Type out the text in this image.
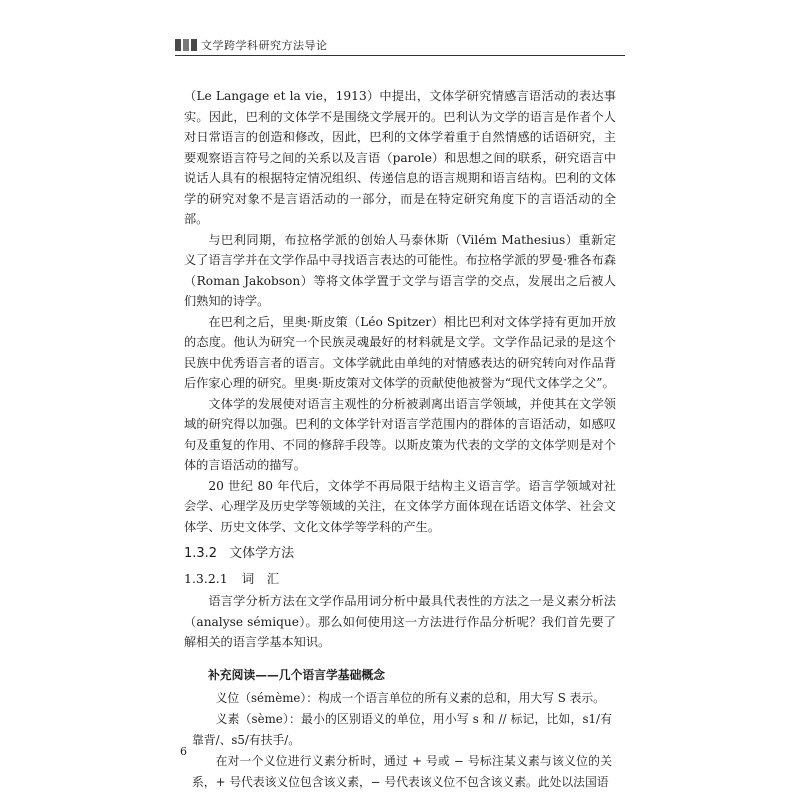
文学跨学科研究方法导论

（Le Langage et la vie，1913）中提出，文体学研究情感言语活动的表达事实。因此，巴利的文体学不是围绕文学展开的。巴利认为文学的语言是作者个人对日常语言的创造和修改，因此，巴利的文体学着重于自然情感的话语研究，主要观察语言符号之间的关系以及言语（parole）和思想之间的联系，研究语言中说话人具有的根据特定情况组织、传递信息的语言规期和语言结构。巴利的文体学的研究对象不是言语活动的一部分，而是在特定研究角度下的言语活动的全部。

与巴利同期，布拉格学派的创始人马泰休斯（Vilém Mathesius）重新定义了语言学并在文学作品中寻找语言表达的可能性。布拉格学派的罗曼·雅各布森（Roman Jakobson）等将文体学置于文学与语言学的交点，发展出之后被人们熟知的诗学。

在巴利之后，里奥·斯皮策（Léo Spitzer）相比巴利对文体学持有更加开放的态度。他认为研究一个民族灵魂最好的材料就是文学。文学作品记录的是这个民族中优秀语言者的语言。文体学就此由单纯的对情感表达的研究转向对作品背后作家心理的研究。里奥·斯皮策对文体学的贡献使他被誉为“现代文体学之父”。

文体学的发展使对语言主观性的分析被剥离出语言学领域，并使其在文学领域的研究得以加强。巴利的文体学针对语言学范围内的群体的言语活动，如感叹句及重复的作用、不同的修辞手段等。以斯皮策为代表的文学的文体学则是对个体的言语活动的描写。

20 世纪 80 年代后，文体学不再局限于结构主义语言学。语言学领域对社会学、心理学及历史学等领域的关注，在文体学方面体现在话语文体学、社会文体学、历史文体学、文化文体学等学科的产生。

1.3.2 文体学方法
1.3.2.1 词　汇

语言学分析方法在文学作品用词分析中最具代表性的方法之一是义素分析法（analyse sémique）。那么如何使用这一方法进行作品分析呢？我们首先要了解相关的语言学基本知识。

补充阅读——几个语言学基础概念

义位（sémème）：构成一个语言单位的所有义素的总和，用大写 S 表示。

义素（sème）：最小的区别语义的单位，用小写 s 和 // 标记，比如，s1/有靠背/、s5/有扶手/。

在对一个义位进行义素分析时，通过 + 号或 − 号标注某义素与该义位的关系，+ 号代表该义位包含该义素，− 号代表该义位不包含该义素。此处以法国语

6
